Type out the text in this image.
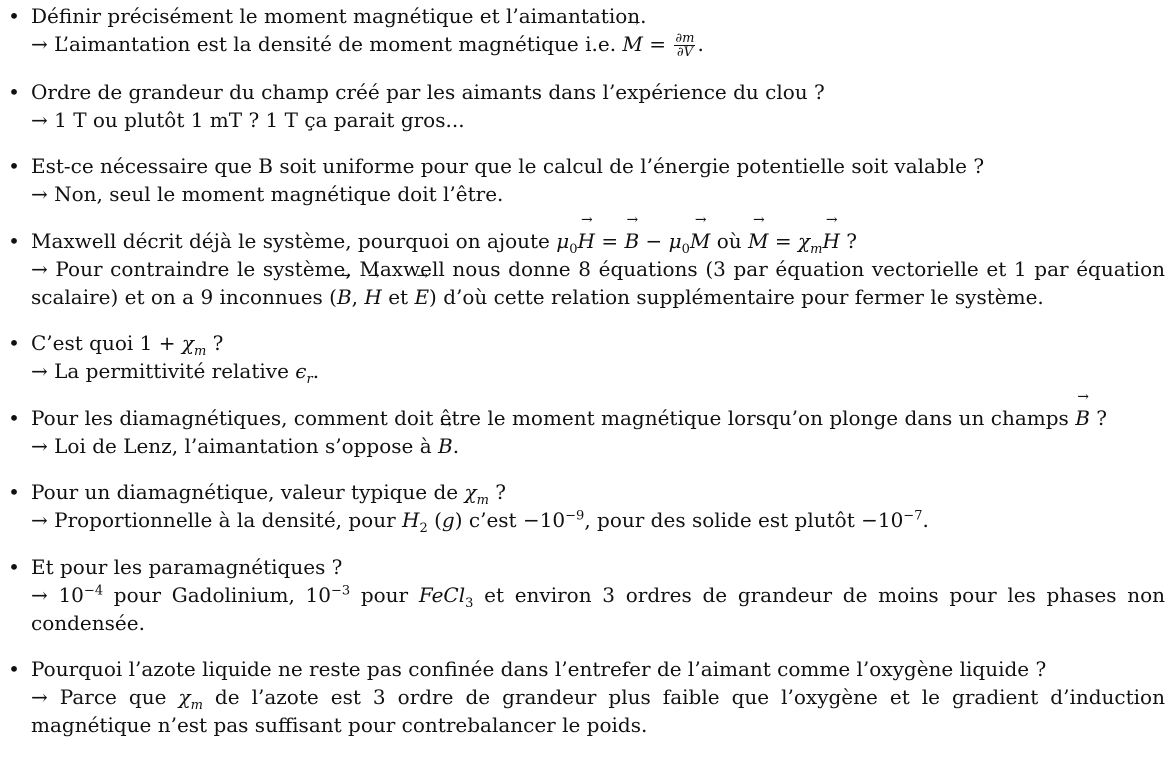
• Définir précisément le moment magnétique et l’aimantation.
→ L’aimantation est la densité de moment magnétique i.e. → $M = \frac{\partial m}{\partial V}$ .
• Ordre de grandeur du champ créé par les aimants dans l’expérience du clou ?
→ 1 T ou plutôt 1 mT ? 1 T ça parait gros...
• Est-ce nécessaire que B soit uniforme pour que le calcul de l’énergie potentielle soit valable ?
→ Non, seul le moment magnétique doit l’être.
• Maxwell décrit déjà le système, pourquoi on ajoute $\mu_0\to H$ = → $B - \mu_0\to M$ où → $M = \chi_m\to H$ ?
→ Pour contraindre le système, Maxwell nous donne 8 équations (3 par équation vectorielle et 1 par équation scalaire) et on a 9 inconnues (→ B, → H et → E) d’où cette relation supplémentaire pour fermer le système.
• C’est quoi $1 + \chi_m$ ?
→ La permittivité relative $\epsilon_r$.
• Pour les diamagnétiques, comment doit être le moment magnétique lorsqu’on plonge dans un champs → B ?
→ Loi de Lenz, l’aimantation s’oppose à → B.
• Pour un diamagnétique, valeur typique de $\chi_m$ ?
→ Proportionnelle à la densité, pour $H_2$ (g) c’est $-10^{-9}$, pour des solide est plutôt $-10^{-7}$.
• Et pour les paramagnétiques ?
→ $10^{-4}$ pour Gadolinium, $10^{-3}$ pour FeCl$_3$ et environ 3 ordres de grandeur de moins pour les phases non condensée.
• Pourquoi l’azote liquide ne reste pas confinée dans l’entrefer de l’aimant comme l’oxygène liquide ?
→ Parce que $\chi_m$ de l’azote est 3 ordre de grandeur plus faible que l’oxygène et le gradient d’induction magnétique n’est pas suffisant pour contrebalancer le poids.
